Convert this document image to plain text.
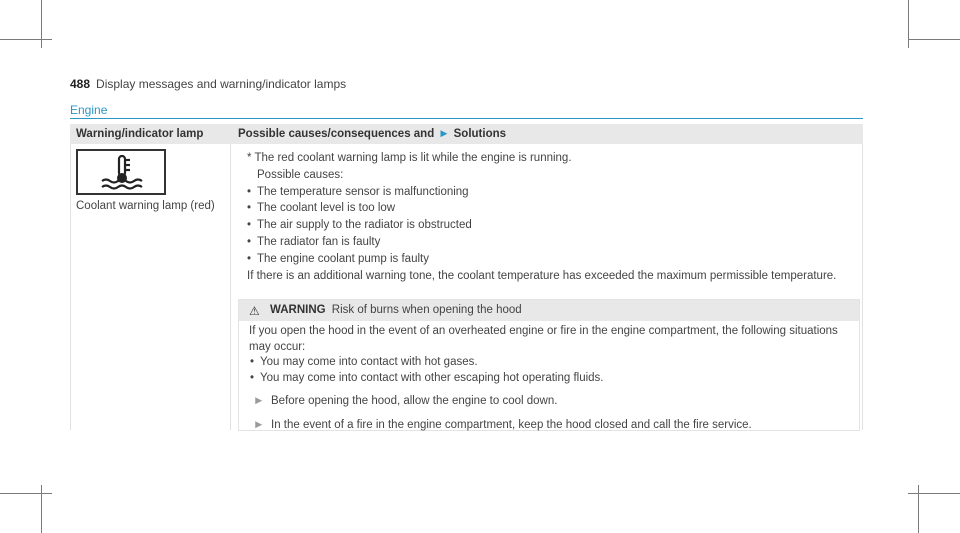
488 Display messages and warning/indicator lamps
Engine
Warning/indicator lamp	Possible causes/consequences and ► Solutions
Coolant warning lamp (red)

* The red coolant warning lamp is lit while the engine is running.

Possible causes:

• The temperature sensor is malfunctioning
• The coolant level is too low
• The air supply to the radiator is obstructed
• The radiator fan is faulty
• The engine coolant pump is faulty

If there is an additional warning tone, the coolant temperature has exceeded the maximum permissible temperature.

⚠ WARNING Risk of burns when opening the hood

If you open the hood in the event of an overheated engine or fire in the engine compartment, the following situations may occur:

• You may come into contact with hot gases.
• You may come into contact with other escaping hot operating fluids.
► Before opening the hood, allow the engine to cool down.
► In the event of a fire in the engine compartment, keep the hood closed and call the fire service.
